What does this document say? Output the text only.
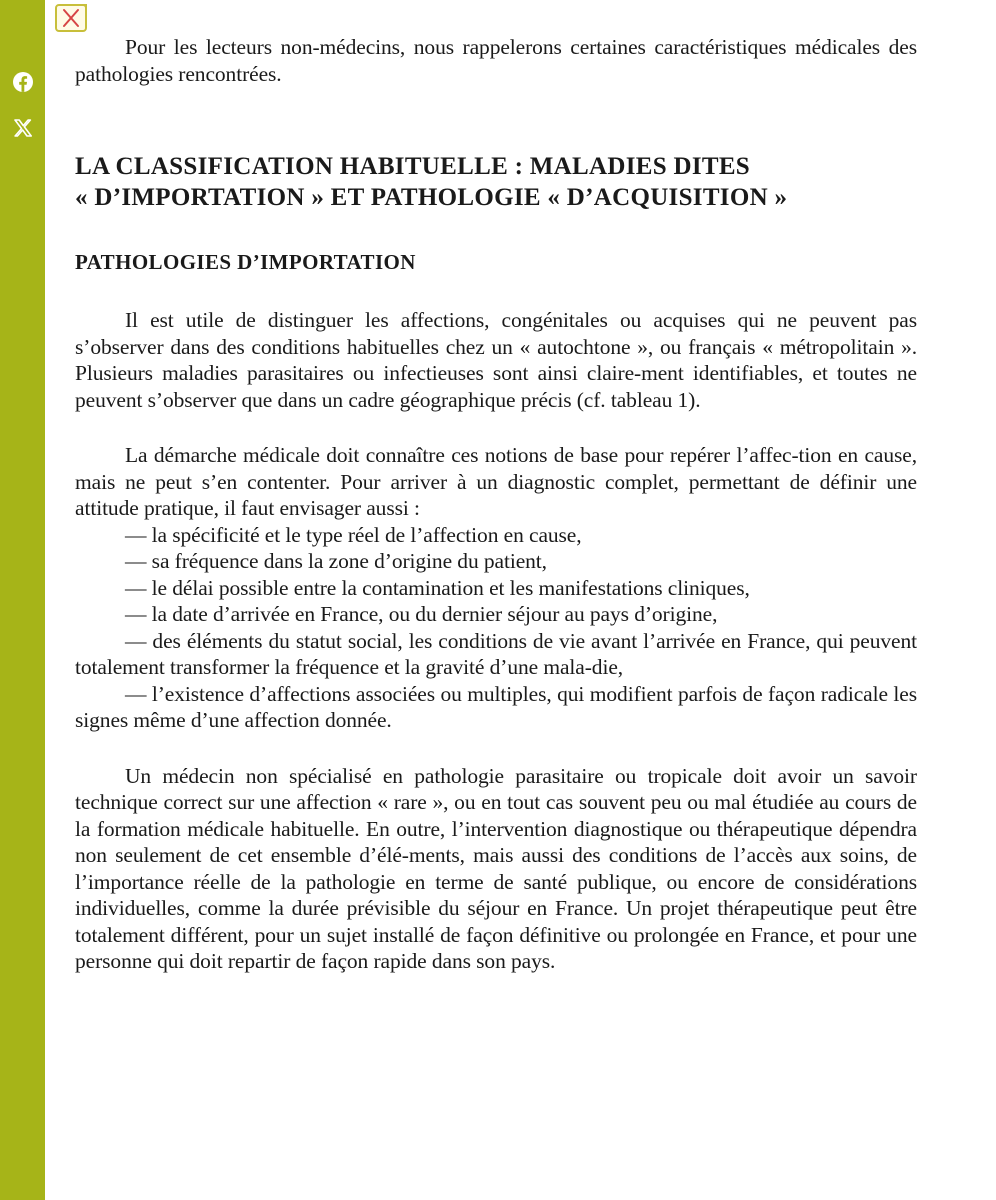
Pour les lecteurs non-médecins, nous rappelerons certaines caractéristiques médicales des pathologies rencontrées.

LA CLASSIFICATION HABITUELLE : MALADIES DITES
« D’IMPORTATION » ET PATHOLOGIE « D’ACQUISITION »
PATHOLOGIES D’IMPORTATION

Il est utile de distinguer les affections, congénitales ou acquises qui ne peuvent pas s’observer dans des conditions habituelles chez un « autochtone », ou français « métropolitain ». Plusieurs maladies parasitaires ou infectieuses sont ainsi claire-ment identifiables, et toutes ne peuvent s’observer que dans un cadre géographique précis (cf. tableau 1).

La démarche médicale doit connaître ces notions de base pour repérer l’affec-tion en cause, mais ne peut s’en contenter. Pour arriver à un diagnostic complet, permettant de définir une attitude pratique, il faut envisager aussi :

— la spécificité et le type réel de l’affection en cause,

— sa fréquence dans la zone d’origine du patient,

— le délai possible entre la contamination et les manifestations cliniques,

— la date d’arrivée en France, ou du dernier séjour au pays d’origine,

— des éléments du statut social, les conditions de vie avant l’arrivée en France, qui peuvent totalement transformer la fréquence et la gravité d’une mala-die,

— l’existence d’affections associées ou multiples, qui modifient parfois de façon radicale les signes même d’une affection donnée.

Un médecin non spécialisé en pathologie parasitaire ou tropicale doit avoir un savoir technique correct sur une affection « rare », ou en tout cas souvent peu ou mal étudiée au cours de la formation médicale habituelle. En outre, l’intervention diagnostique ou thérapeutique dépendra non seulement de cet ensemble d’élé-ments, mais aussi des conditions de l’accès aux soins, de l’importance réelle de la pathologie en terme de santé publique, ou encore de considérations individuelles, comme la durée prévisible du séjour en France. Un projet thérapeutique peut être totalement différent, pour un sujet installé de façon définitive ou prolongée en France, et pour une personne qui doit repartir de façon rapide dans son pays.
